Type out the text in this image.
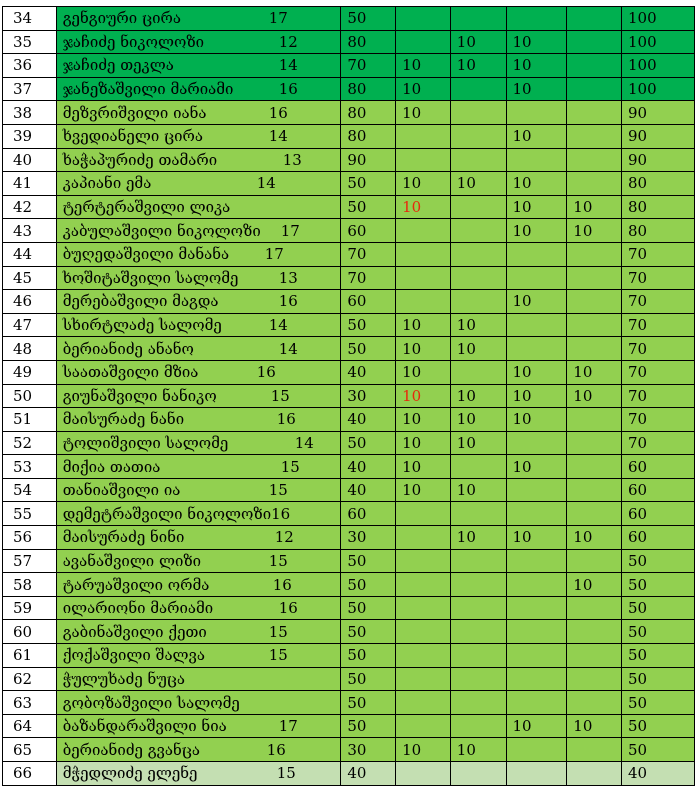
34	გენგიური ცირა 17	50					100
35	ჯაჩიძე ნიკოლოზი 12	80		10	10		100
36	ჯაჩიძე თეკლა 14	70	10	10	10		100
37	ჯანეზაშვილი მარიამი 16	80	10		10		100
38	მეზვრიშვილი იანა 16	80	10				90
39	ხვედიანელი ცირა 14	80			10		90
40	ხაჭაპურიძე თამარი 13	90					90
41	კაპიანი ემა 14	50	10	10	10		80
42	ტერტერაშვილი ლიკა	50	10		10	10	80
43	კაბულაშვილი ნიკოლოზი 17	60			10	10	80
44	ბუღედაშვილი მანანა 17	70					70
45	ხოშიტაშვილი სალომე 13	70					70
46	მერებაშვილი მაგდა 16	60			10		70
47	სხირტლაძე სალომე 14	50	10	10			70
48	ბერიანიძე ანანო 14	50	10	10			70
49	საათაშვილი მზია 16	40	10		10	10	70
50	გიუნაშვილი ნანიკო 15	30	10	10	10	10	70
51	მაისურაძე ნანი 16	40	10	10	10		70
52	ტოლიშვილი სალომე 14	50	10	10			70
53	მიქია თათია 15	40	10		10		60
54	თანიაშვილი ია 15	40	10	10			60
55	დემეტრაშვილი ნიკოლოზი16	60					60
56	მაისურაძე ნინი 12	30		10	10	10	60
57	ავანაშვილი ლიზი 15	50					50
58	ტარუაშვილი ორმა 16	50				10	50
59	ილარიონი მარიამი 16	50					50
60	გაბინაშვილი ქეთი 15	50					50
61	ქოქაშვილი შალვა 15	50					50
62	ჭულუხაძე ნუცა	50					50
63	გობოზაშვილი სალომე	50					50
64	ბაზანდარაშვილი ნია 17	50			10	10	50
65	ბერიანიძე გვანცა 16	30	10	10			50
66	მჭედლიძე ელენე 15	40					40
